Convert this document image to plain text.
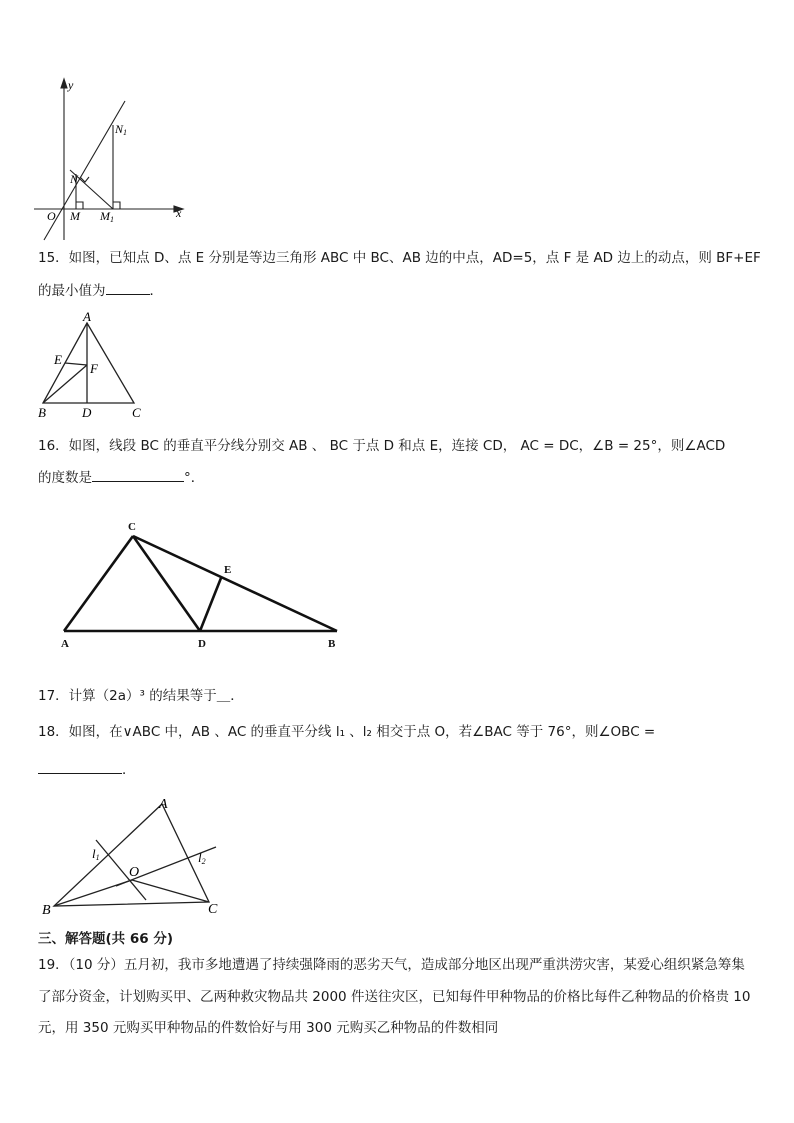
y
x
O M M1
N
N1
15．如图，已知点 D、点 E 分别是等边三角形 ABC 中 BC、AB 边的中点，AD=5，点 F 是 AD 边上的动点，则 BF+EF
的最小值为	．
A
E
F
B	D	C
16．如图，线段 BC 的垂直平分线分别交 AB 、 BC 于点 D 和点 E，连接 CD， AC = DC，∠B = 25°，则∠ACD
的度数是	°．
C
E
A	D	B
17．计算（2a）³ 的结果等于＿．
18．如图，在∨ABC 中，AB 、AC 的垂直平分线 l₁ 、l₂ 相交于点 O，若∠BAC 等于 76°，则∠OBC =
．
A
l1	l2
O
B	C
三、解答题(共 66 分)
19．（10 分）五月初，我市多地遭遇了持续强降雨的恶劣天气，造成部分地区出现严重洪涝灾害，某爱心组织紧急筹集
了部分资金，计划购买甲、乙两种救灾物品共 2000 件送往灾区，已知每件甲种物品的价格比每件乙种物品的价格贵 10
元，用 350 元购买甲种物品的件数恰好与用 300 元购买乙种物品的件数相同
